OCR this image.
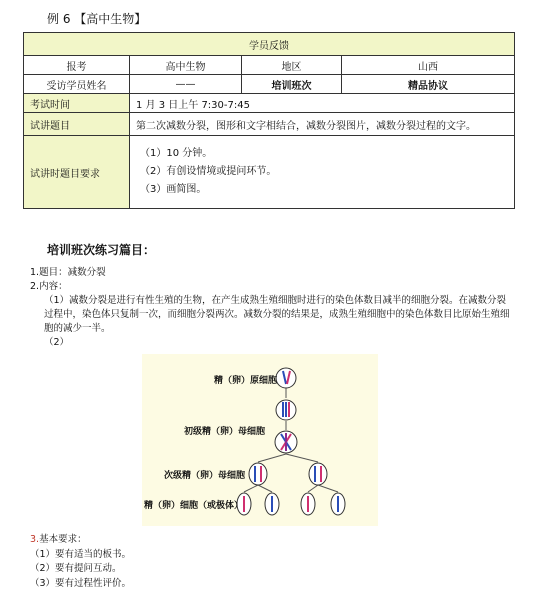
例 6 【高中生物】
学员反馈			
报考	高中生物	地区	山西
受访学员姓名	——	培训班次	精品协议
考试时间	1 月 3 日上午 7:30-7:45		
试讲题目	第二次减数分裂，图形和文字相结合，减数分裂图片，减数分裂过程的文字。		
试讲时题目要求	（1）10 分钟。
（2）有创设情境或提问环节。
（3）画简图。		
培训班次练习篇目：

1.题目：减数分裂

2.内容：

（1）减数分裂是进行有性生殖的生物，在产生成熟生殖细胞时进行的染色体数目减半的细胞分裂。在减数分裂过程中，染色体只复制一次，而细胞分裂两次。减数分裂的结果是，成熟生殖细胞中的染色体数目比原始生殖细胞的减少一半。

（2）

精（卵）原细胞
初级精（卵）母细胞
次级精（卵）母细胞
精（卵）细胞（或极体）

3.基本要求：

（1）要有适当的板书。

（2）要有提问互动。

（3）要有过程性评价。
